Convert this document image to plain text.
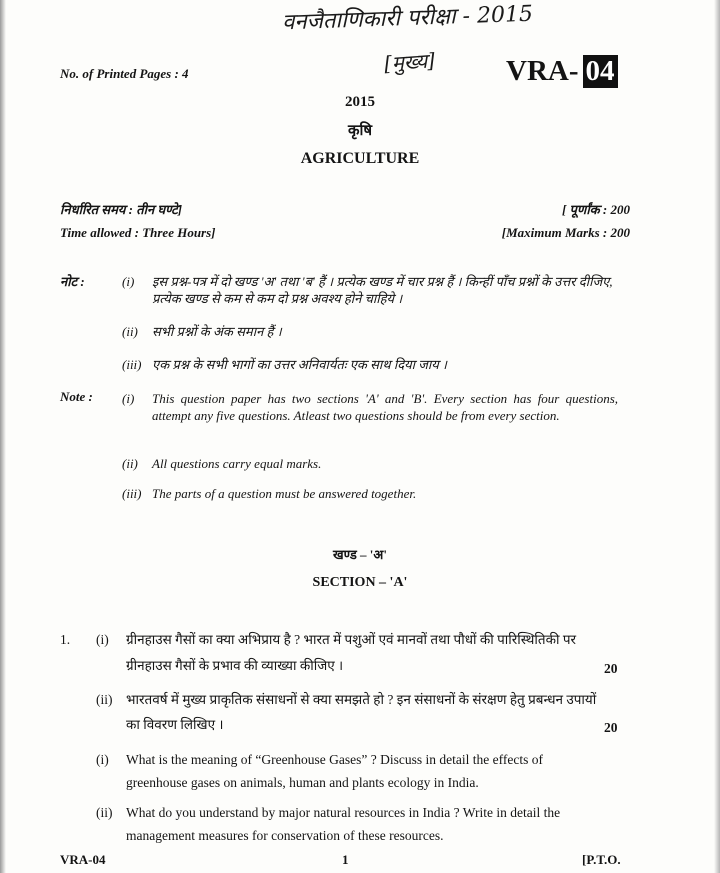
वनजैताणिकारी परीक्षा - 2015
[मुख्य]
No. of Printed Pages : 4	VRA- 04
2015
कृषि
AGRICULTURE
निर्धारित समय : तीन घण्टे]	[ पूर्णांक : 200
Time allowed : Three Hours]	[Maximum Marks : 200
नोट :	(i) इस प्रश्न-पत्र में दो खण्ड 'अ' तथा 'ब' हैं । प्रत्येक खण्ड में चार प्रश्न हैं । किन्हीं पाँच प्रश्नों के उत्तर दीजिए, प्रत्येक खण्ड से कम से कम दो प्रश्न अवश्य होने चाहिये ।
(ii) सभी प्रश्नों के अंक समान हैं ।
(iii) एक प्रश्न के सभी भागों का उत्तर अनिवार्यतः एक साथ दिया जाय ।
Note : (i) This question paper has two sections 'A' and 'B'. Every section has four questions, attempt any five questions. Atleast two questions should be from every section.
(ii) All questions carry equal marks.
(iii) The parts of a question must be answered together.
खण्ड – 'अ'
SECTION – 'A'
1. (i) ग्रीनहाउस गैसों का क्या अभिप्राय है ? भारत में पशुओं एवं मानवों तथा पौधों की पारिस्थितिकी पर
ग्रीनहाउस गैसों के प्रभाव की व्याख्या कीजिए ।	20
(ii) भारतवर्ष में मुख्य प्राकृतिक संसाधनों से क्या समझते हो ? इन संसाधनों के संरक्षण हेतु प्रबन्धन उपायों
का विवरण लिखिए ।	20
(i) What is the meaning of “Greenhouse Gases” ? Discuss in detail the effects of
greenhouse gases on animals, human and plants ecology in India.
(ii) What do you understand by major natural resources in India ? Write in detail the
management measures for conservation of these resources.
VRA-04	1	[P.T.O.
